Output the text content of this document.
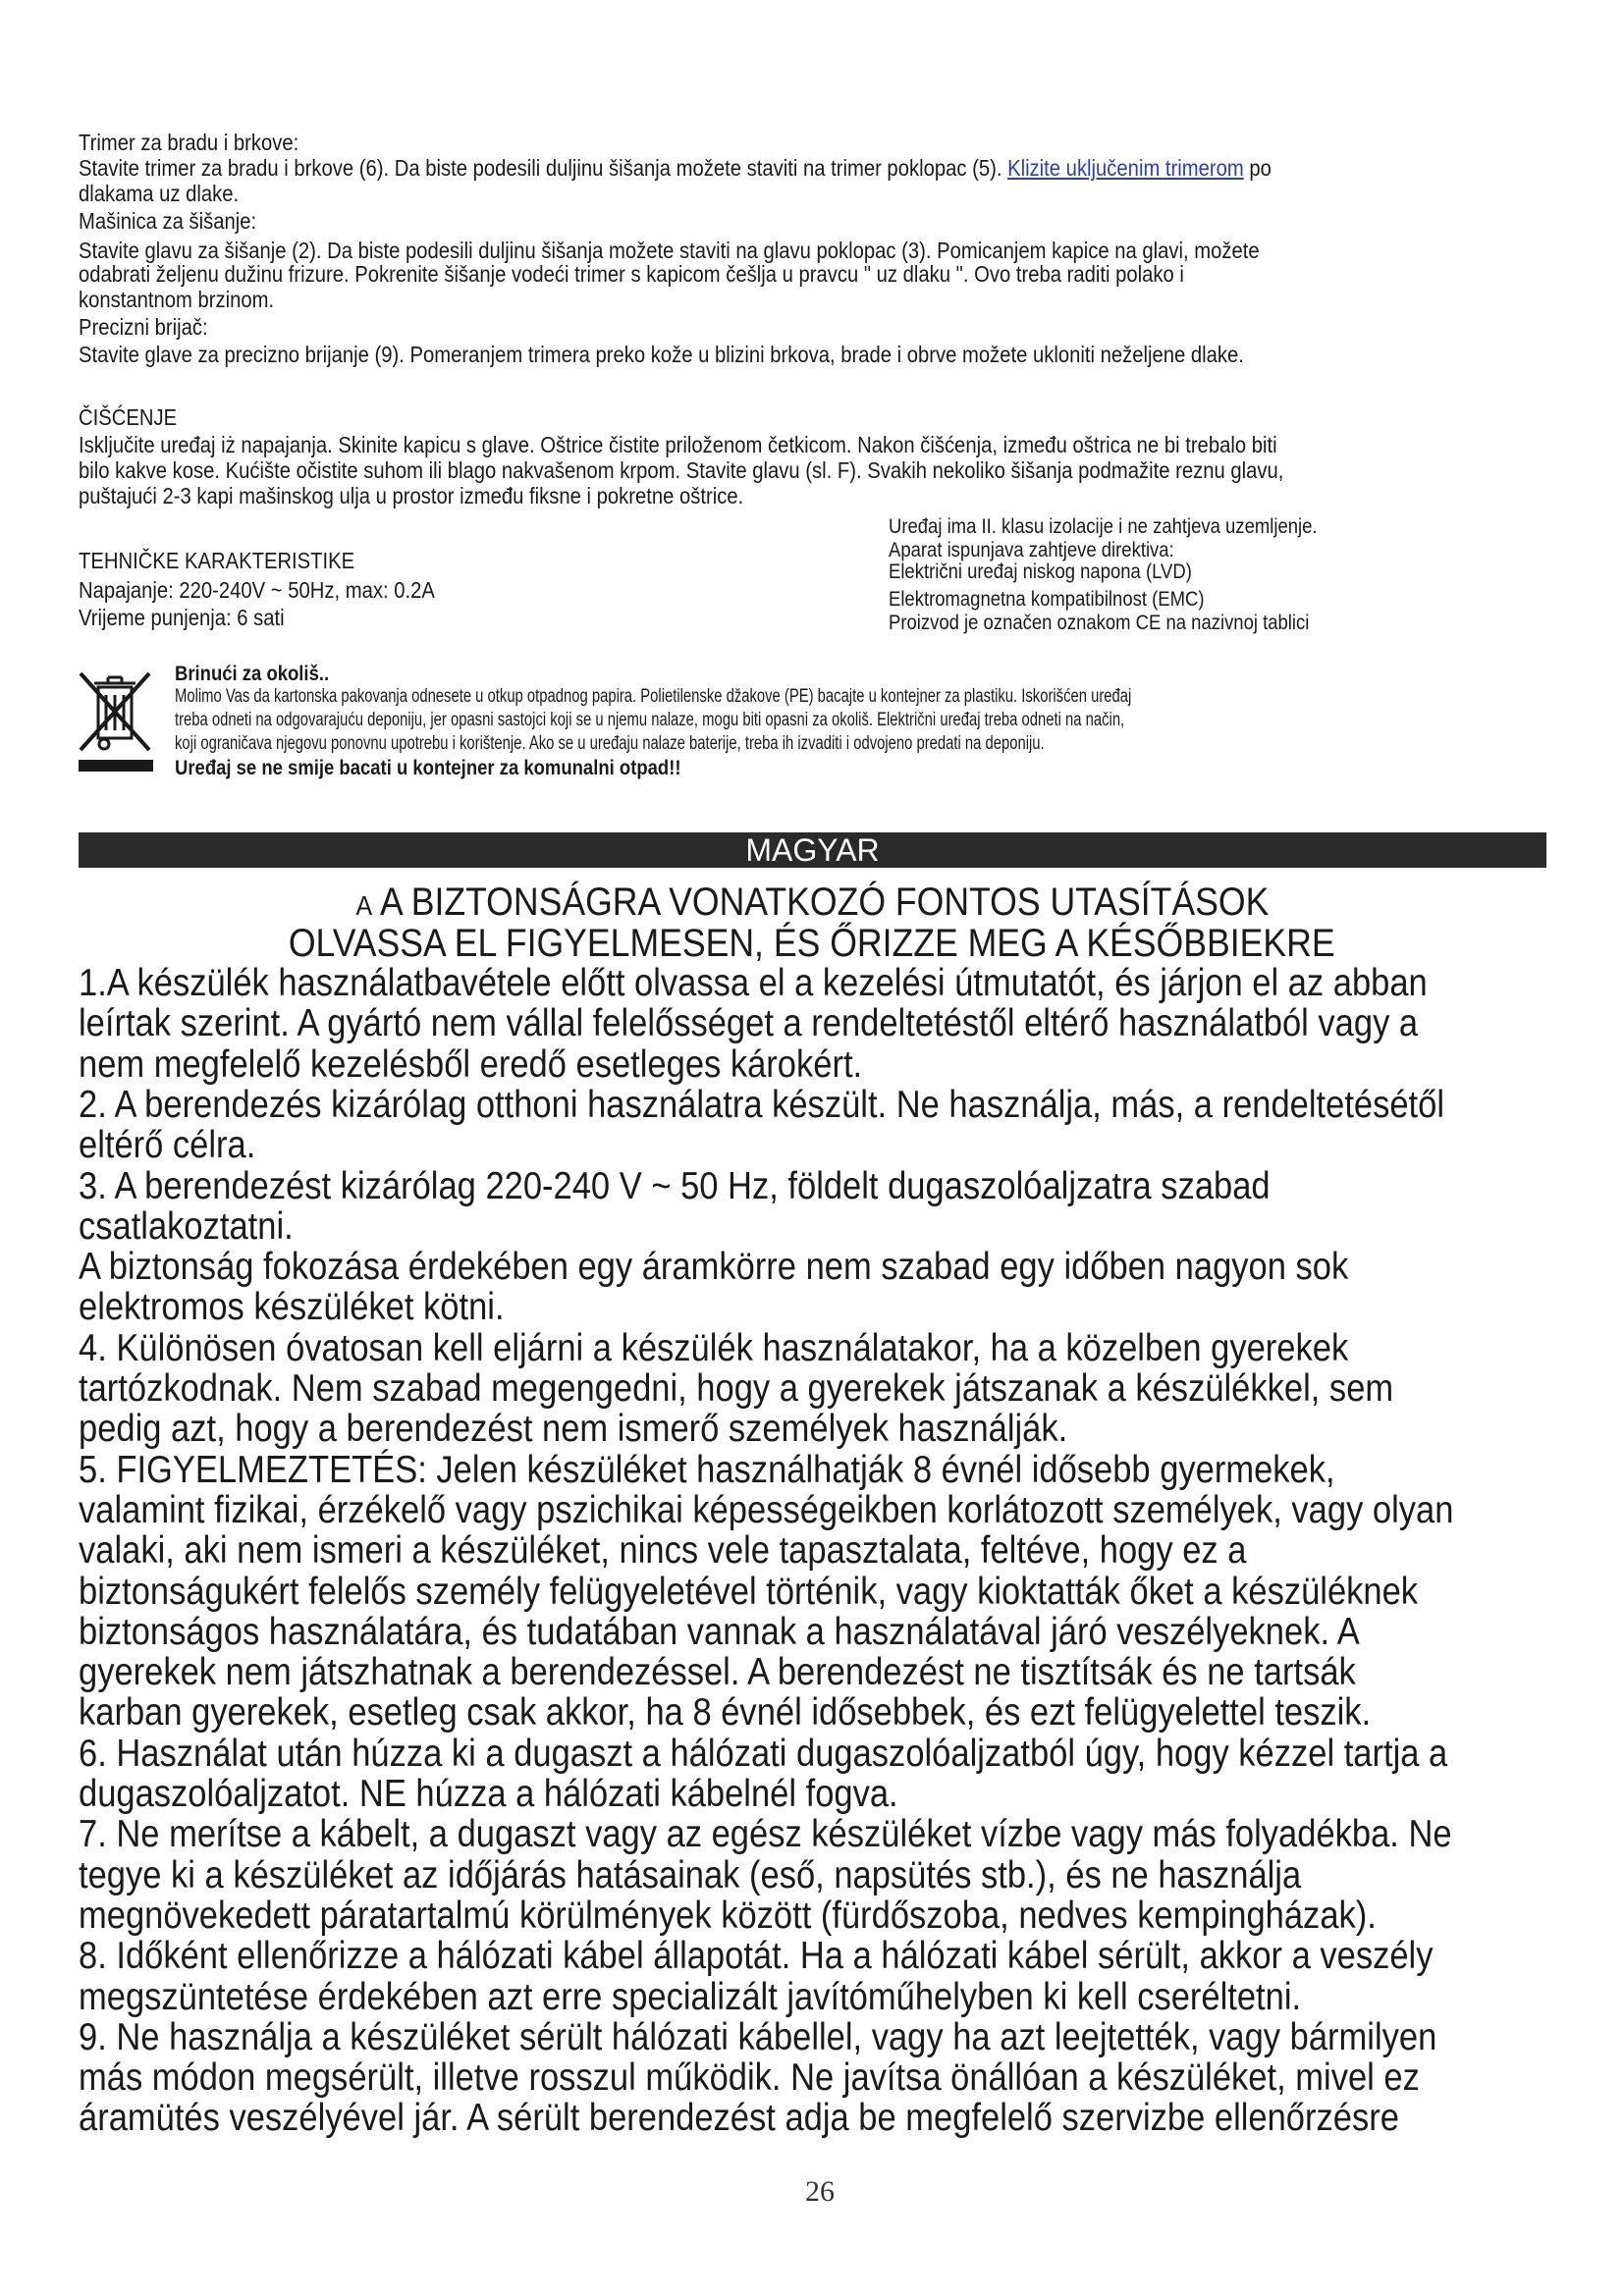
Trimer za bradu i brkove:
Stavite trimer za bradu i brkove (6). Da biste podesili duljinu šišanja možete staviti na trimer poklopac (5). Klizite uključenim trimerom po
dlakama uz dlake.
Mašinica za šišanje:
Stavite glavu za šišanje (2). Da biste podesili duljinu šišanja možete staviti na glavu poklopac (3). Pomicanjem kapice na glavi, možete
odabrati željenu dužinu frizure. Pokrenite šišanje vodeći trimer s kapicom češlja u pravcu " uz dlaku ". Ovo treba raditi polako i
konstantnom brzinom.
Precizni brijač:
Stavite glave za precizno brijanje (9). Pomeranjem trimera preko kože u blizini brkova, brade i obrve možete ukloniti neželjene dlake.
ČIŠĆENJE
Isključite uređaj iż napajanja. Skinite kapicu s glave. Oštrice čistite priloženom četkicom. Nakon čišćenja, između oštrica ne bi trebalo biti
bilo kakve kose. Kućište očistite suhom ili blago nakvašenom krpom. Stavite glavu (sl. F). Svakih nekoliko šišanja podmažite reznu glavu,
puštajući 2-3 kapi mašinskog ulja u prostor između fiksne i pokretne oštrice.
TEHNIČKE KARAKTERISTIKE
Napajanje: 220-240V ~ 50Hz, max: 0.2A
Vrijeme punjenja: 6 sati
Uređaj ima II. klasu izolacije i ne zahtjeva uzemljenje.
Aparat ispunjava zahtjeve direktiva:
Električni uređaj niskog napona (LVD)
Elektromagnetna kompatibilnost (EMC)
Proizvod je označen oznakom CE na nazivnoj tablici
Brinući za okoliš..
Molimo Vas da kartonska pakovanja odnesete u otkup otpadnog papira. Polietilenske džakove (PE) bacajte u kontejner za plastiku. Iskorišćen uređaj
treba odneti na odgovarajuću deponiju, jer opasni sastojci koji se u njemu nalaze, mogu biti opasni za okoliš. Električni uređaj treba odneti na način,
koji ograničava njegovu ponovnu upotrebu i korištenje. Ako se u uređaju nalaze baterije, treba ih izvaditi i odvojeno predati na deponiju.
Uređaj se ne smije bacati u kontejner za komunalni otpad!!
MAGYAR
A A BIZTONSÁGRA VONATKOZÓ FONTOS UTASÍTÁSOK
OLVASSA EL FIGYELMESEN, ÉS ŐRIZZE MEG A KÉSŐBBIEKRE
1.A készülék használatbavétele előtt olvassa el a kezelési útmutatót, és járjon el az abban
leírtak szerint. A gyártó nem vállal felelősséget a rendeltetéstől eltérő használatból vagy a
nem megfelelő kezelésből eredő esetleges károkért.
2. A berendezés kizárólag otthoni használatra készült. Ne használja, más, a rendeltetésétől
eltérő célra.
3. A berendezést kizárólag 220-240 V ~ 50 Hz, földelt dugaszolóaljzatra szabad
csatlakoztatni.
A biztonság fokozása érdekében egy áramkörre nem szabad egy időben nagyon sok
elektromos készüléket kötni.
4. Különösen óvatosan kell eljárni a készülék használatakor, ha a közelben gyerekek
tartózkodnak. Nem szabad megengedni, hogy a gyerekek játszanak a készülékkel, sem
pedig azt, hogy a berendezést nem ismerő személyek használják.
5. FIGYELMEZTETÉS: Jelen készüléket használhatják 8 évnél idősebb gyermekek,
valamint fizikai, érzékelő vagy pszichikai képességeikben korlátozott személyek, vagy olyan
valaki, aki nem ismeri a készüléket, nincs vele tapasztalata, feltéve, hogy ez a
biztonságukért felelős személy felügyeletével történik, vagy kioktatták őket a készüléknek
biztonságos használatára, és tudatában vannak a használatával járó veszélyeknek. A
gyerekek nem játszhatnak a berendezéssel. A berendezést ne tisztítsák és ne tartsák
karban gyerekek, esetleg csak akkor, ha 8 évnél idősebbek, és ezt felügyelettel teszik.
6. Használat után húzza ki a dugaszt a hálózati dugaszolóaljzatból úgy, hogy kézzel tartja a
dugaszolóaljzatot. NE húzza a hálózati kábelnél fogva.
7. Ne merítse a kábelt, a dugaszt vagy az egész készüléket vízbe vagy más folyadékba. Ne
tegye ki a készüléket az időjárás hatásainak (eső, napsütés stb.), és ne használja
megnövekedett páratartalmú körülmények között (fürdőszoba, nedves kempingházak).
8. Időként ellenőrizze a hálózati kábel állapotát. Ha a hálózati kábel sérült, akkor a veszély
megszüntetése érdekében azt erre specializált javítóműhelyben ki kell cseréltetni.
9. Ne használja a készüléket sérült hálózati kábellel, vagy ha azt leejtették, vagy bármilyen
más módon megsérült, illetve rosszul működik. Ne javítsa önállóan a készüléket, mivel ez
áramütés veszélyével jár. A sérült berendezést adja be megfelelő szervizbe ellenőrzésre
26
